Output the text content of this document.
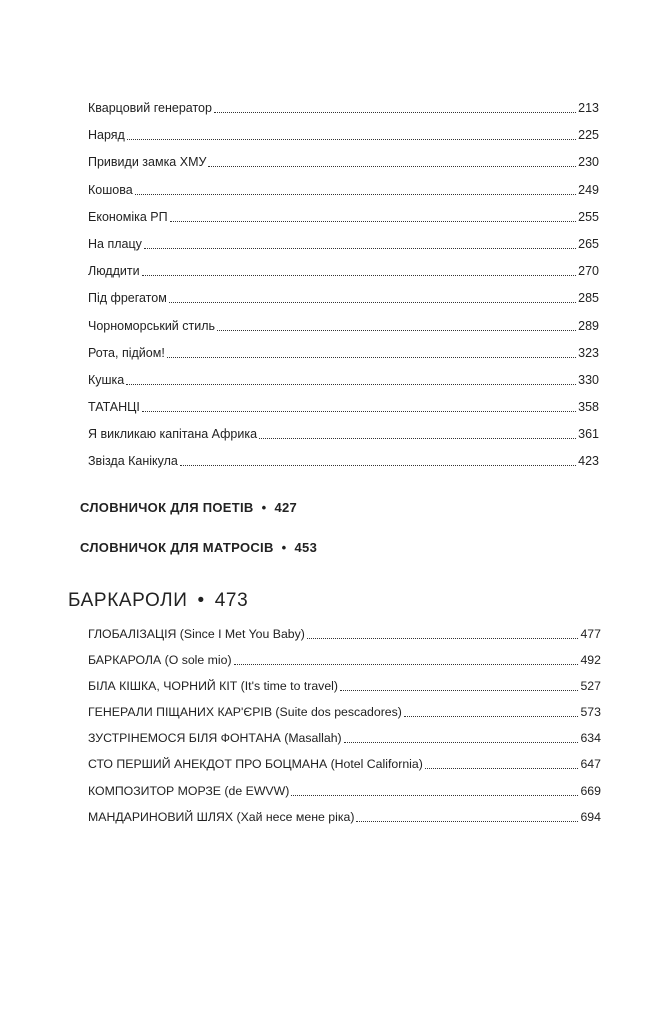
Кварцовий генератор	213
Наряд	225
Привиди замка ХМУ	230
Кошова	249
Економіка РП	255
На плацу	265
Люддити	270
Під фрегатом	285
Чорноморський стиль	289
Рота, підйом!	323
Кушка	330
ТАТАНЦІ	358
Я викликаю капітана Африка	361
Звізда Канікула	423
СЛОВНИЧОК ДЛЯ ПОЕТІВ • 427
СЛОВНИЧОК ДЛЯ МАТРОСІВ • 453
БАРКАРОЛИ • 473
ГЛОБАЛІЗАЦІЯ (Since I Met You Baby)	477
БАРКАРОЛА (O sole mio)	492
БІЛА КІШКА, ЧОРНИЙ КІТ (It's time to travel)	527
ГЕНЕРАЛИ ПІЩАНИХ КАР'ЄРІВ (Suite dos pescadores)	573
ЗУСТРІНЕМОСЯ БІЛЯ ФОНТАНА (Masallah)	634
СТО ПЕРШИЙ АНЕКДОТ ПРО БОЦМАНА (Hotel California)	647
КОМПОЗИТОР МОРЗЕ (de EWVW)	669
МАНДАРИНОВИЙ ШЛЯХ (Хай несе мене ріка)	694
